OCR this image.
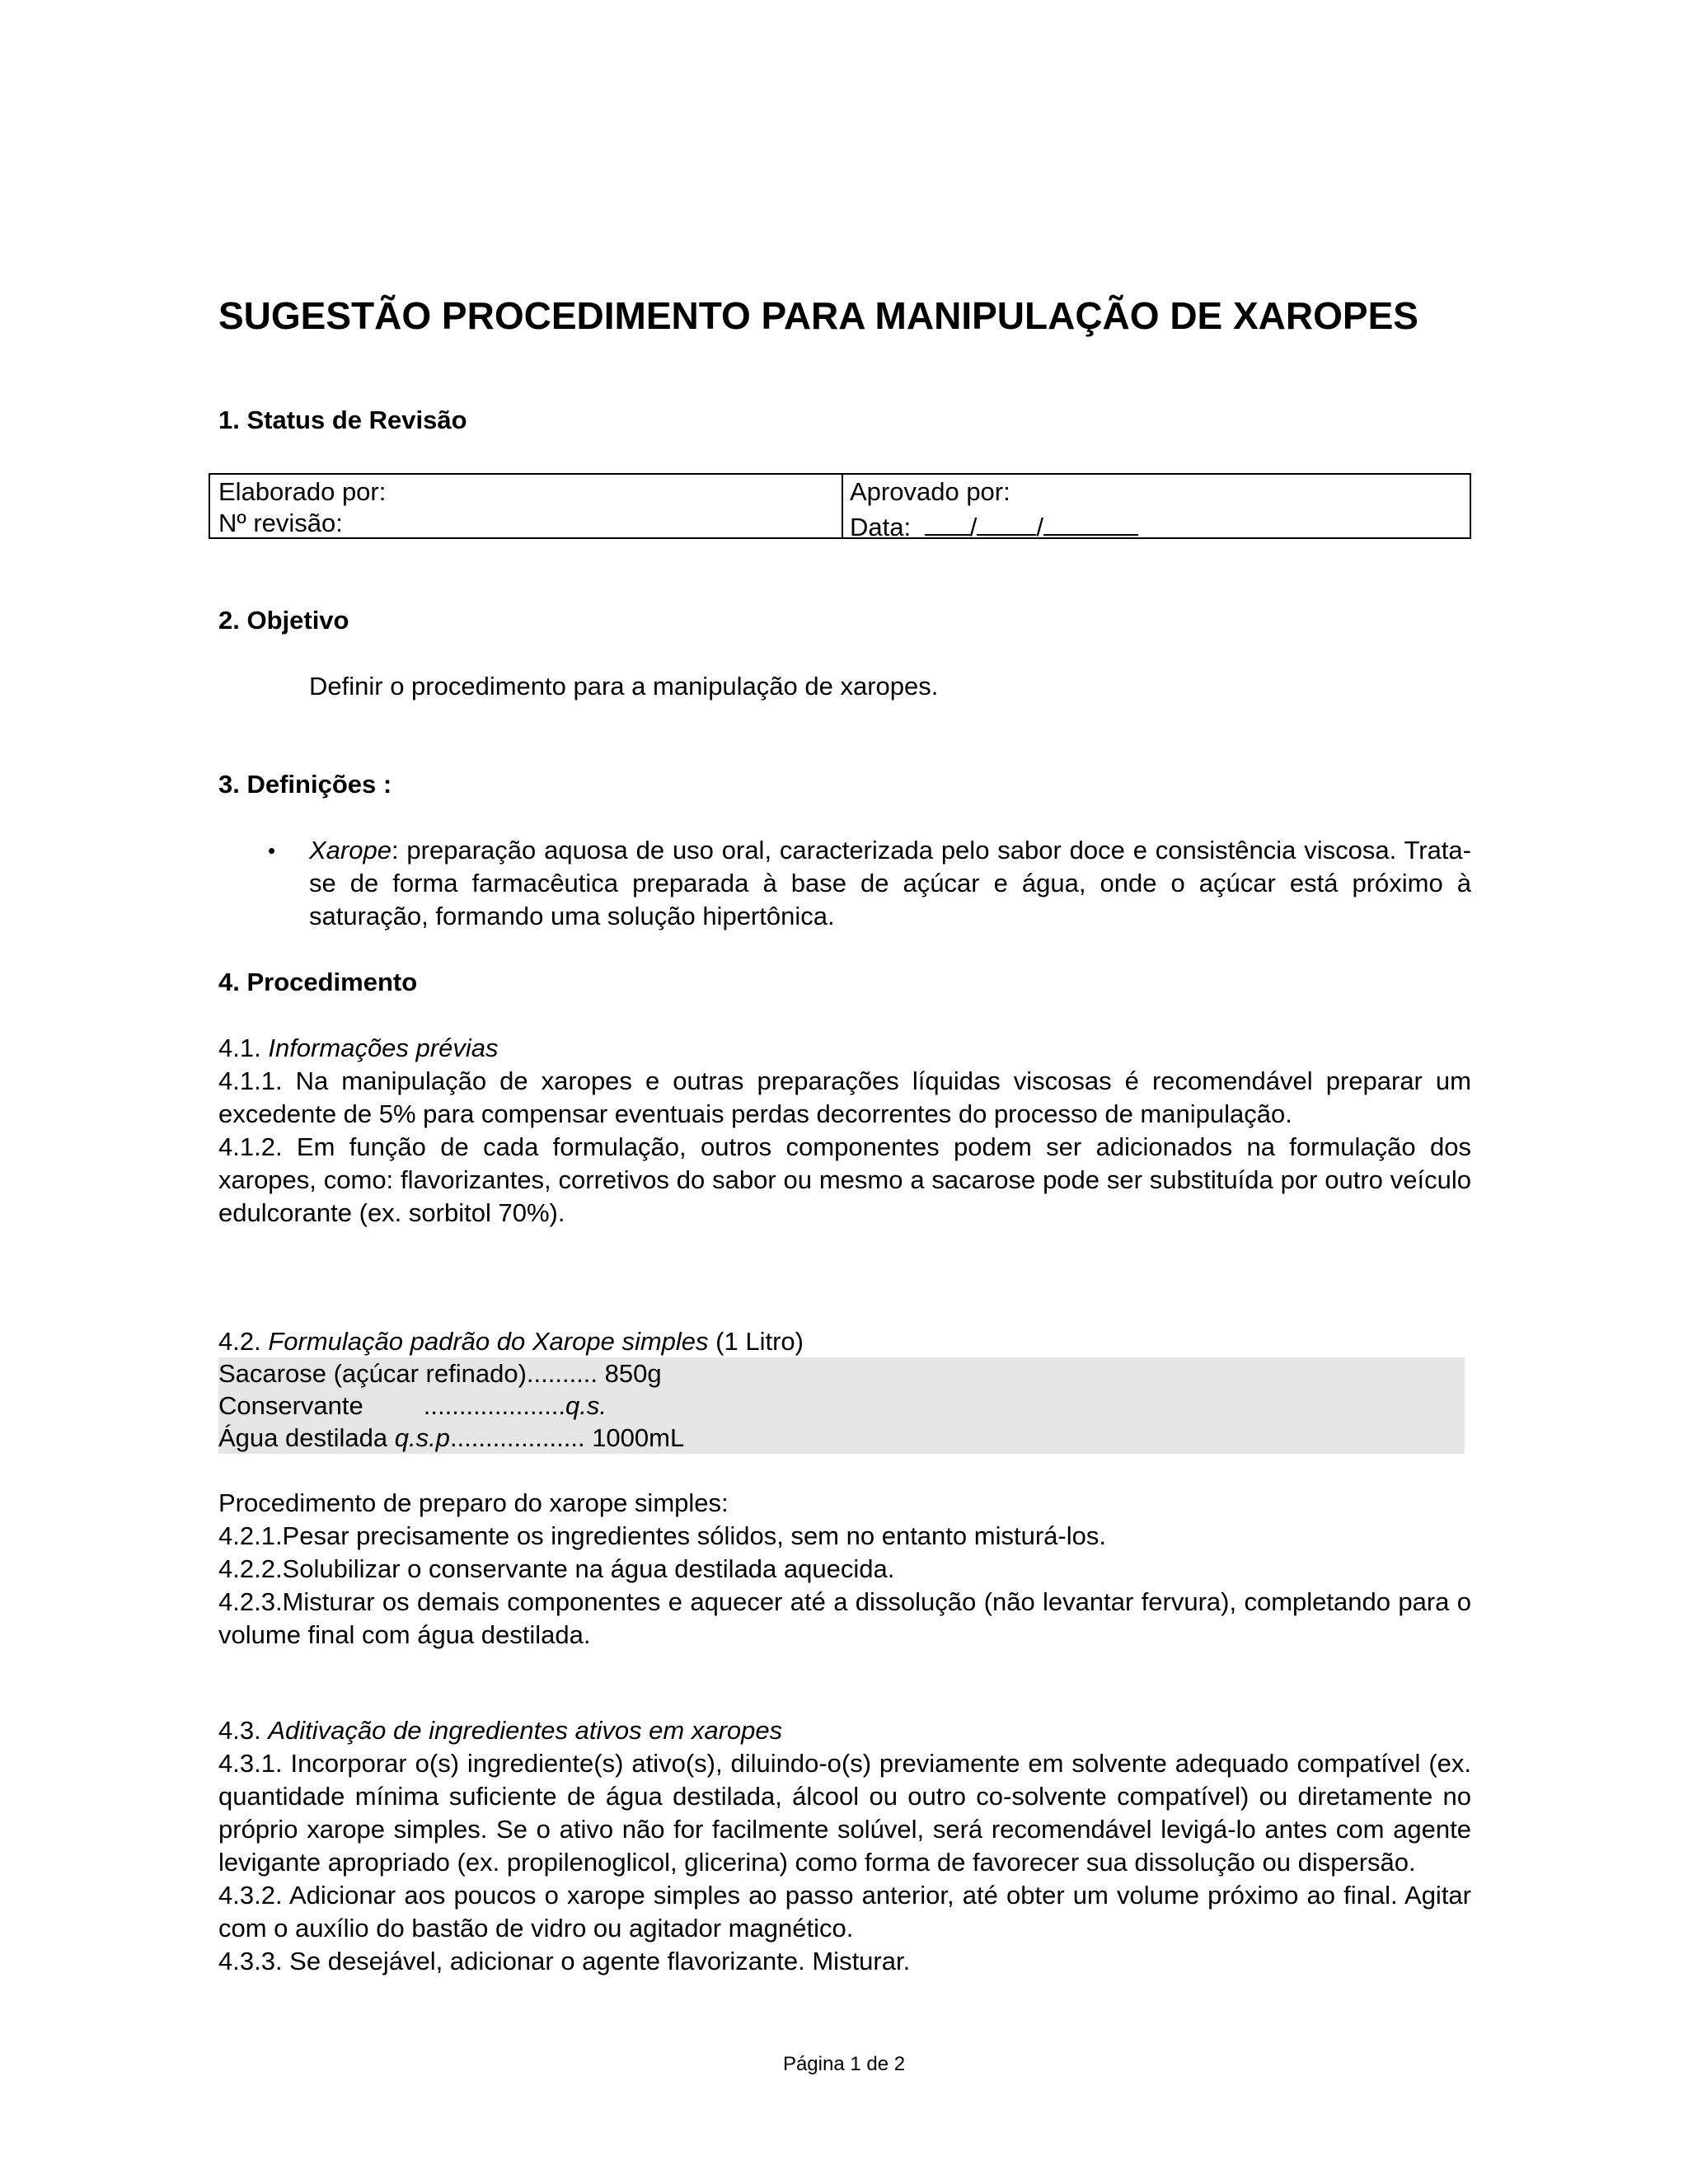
SUGESTÃO PROCEDIMENTO PARA MANIPULAÇÃO DE XAROPES
1. Status de Revisão
Elaborado por:
Nº revisão:
Aprovado por:
Data: / /
2. Objetivo
Definir o procedimento para a manipulação de xaropes.
3. Definições :
•	Xarope: preparação aquosa de uso oral, caracterizada pelo sabor doce e consistência viscosa. Trata-se de forma farmacêutica preparada à base de açúcar e água, onde o açúcar está próximo à saturação, formando uma solução hipertônica.
4. Procedimento
4.1. Informações prévias
4.1.1. Na manipulação de xaropes e outras preparações líquidas viscosas é recomendável preparar um excedente de 5% para compensar eventuais perdas decorrentes do processo de manipulação.
4.1.2. Em função de cada formulação, outros componentes podem ser adicionados na formulação dos xaropes, como: flavorizantes, corretivos do sabor ou mesmo a sacarose pode ser substituída por outro veículo edulcorante (ex. sorbitol 70%).
4.2. Formulação padrão do Xarope simples (1 Litro)
Sacarose (açúcar refinado).......... 850g
Conservante ....................q.s.
Água destilada q.s.p................... 1000mL
Procedimento de preparo do xarope simples:
4.2.1.Pesar precisamente os ingredientes sólidos, sem no entanto misturá-los.
4.2.2.Solubilizar o conservante na água destilada aquecida.
4.2.3.Misturar os demais componentes e aquecer até a dissolução (não levantar fervura), completando para o volume final com água destilada.
4.3. Aditivação de ingredientes ativos em xaropes
4.3.1. Incorporar o(s) ingrediente(s) ativo(s), diluindo-o(s) previamente em solvente adequado compatível (ex. quantidade mínima suficiente de água destilada, álcool ou outro co-solvente compatível) ou diretamente no próprio xarope simples. Se o ativo não for facilmente solúvel, será recomendável levigá-lo antes com agente levigante apropriado (ex. propilenoglicol, glicerina) como forma de favorecer sua dissolução ou dispersão.
4.3.2. Adicionar aos poucos o xarope simples ao passo anterior, até obter um volume próximo ao final. Agitar com o auxílio do bastão de vidro ou agitador magnético.
4.3.3. Se desejável, adicionar o agente flavorizante. Misturar.
Página 1 de 2
